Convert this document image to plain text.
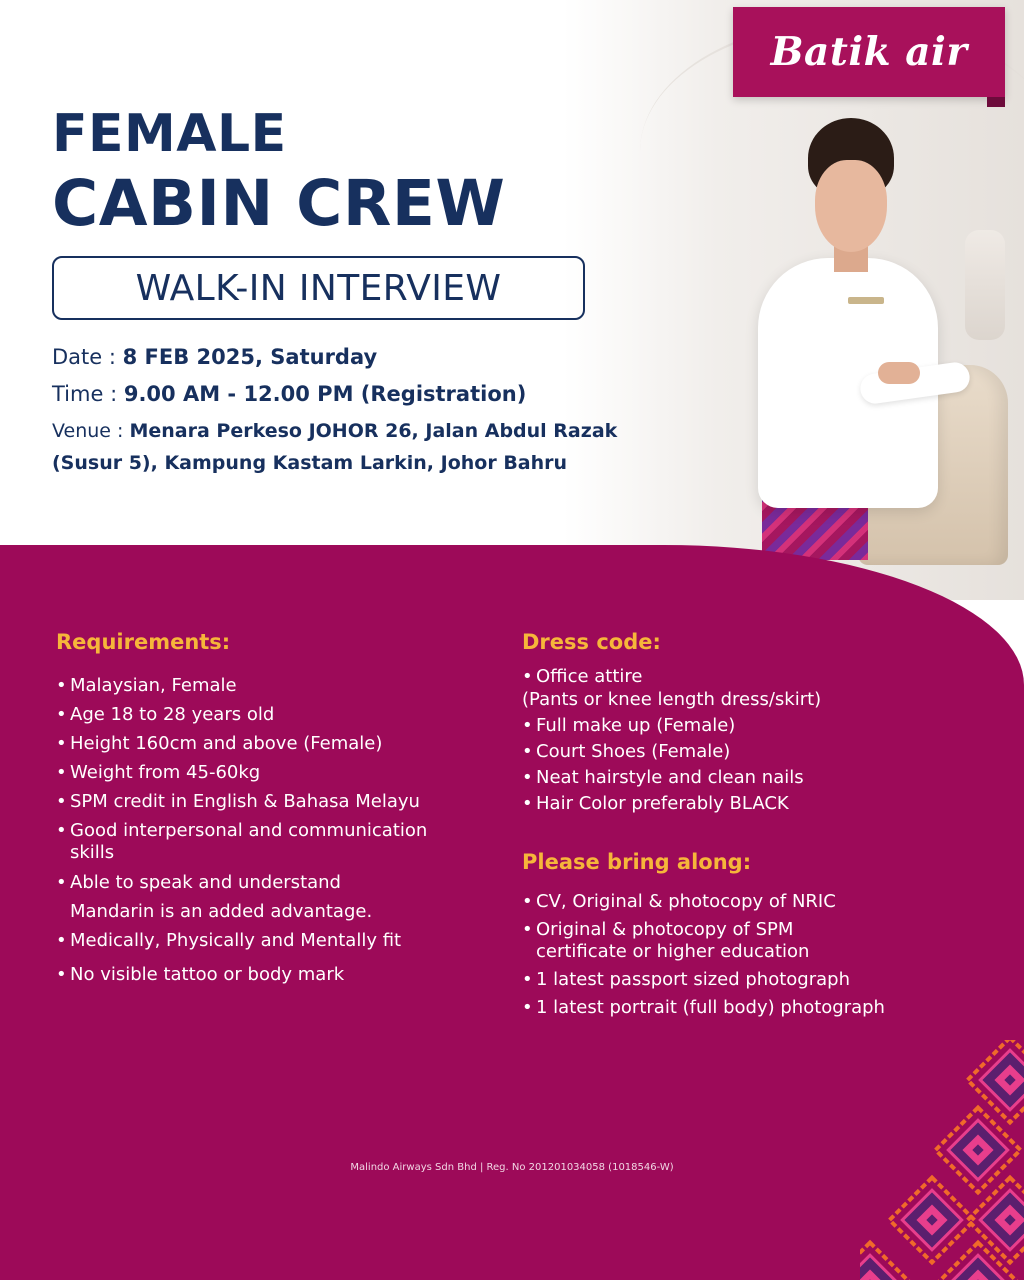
Batik air
FEMALE
CABIN CREW
WALK-IN INTERVIEW
Date : 8 FEB 2025, Saturday
Time : 9.00 AM - 12.00 PM (Registration)
Venue : Menara Perkeso JOHOR 26, Jalan Abdul Razak
(Susur 5), Kampung Kastam Larkin, Johor Bahru
Requirements:
• Malaysian, Female
• Age 18 to 28 years old
• Height 160cm and above (Female)
• Weight from 45-60kg
• SPM credit in English & Bahasa Melayu
• Good interpersonal and communication
skills
• Able to speak and understand
Mandarin is an added advantage.
• Medically, Physically and Mentally fit
• No visible tattoo or body mark
Dress code:
• Office attire
(Pants or knee length dress/skirt)
• Full make up (Female)
• Court Shoes (Female)
• Neat hairstyle and clean nails
• Hair Color preferably BLACK
Please bring along:
• CV, Original & photocopy of NRIC
• Original & photocopy of SPM
certificate or higher education
• 1 latest passport sized photograph
• 1 latest portrait (full body) photograph
Malindo Airways Sdn Bhd | Reg. No 201201034058 (1018546-W)
